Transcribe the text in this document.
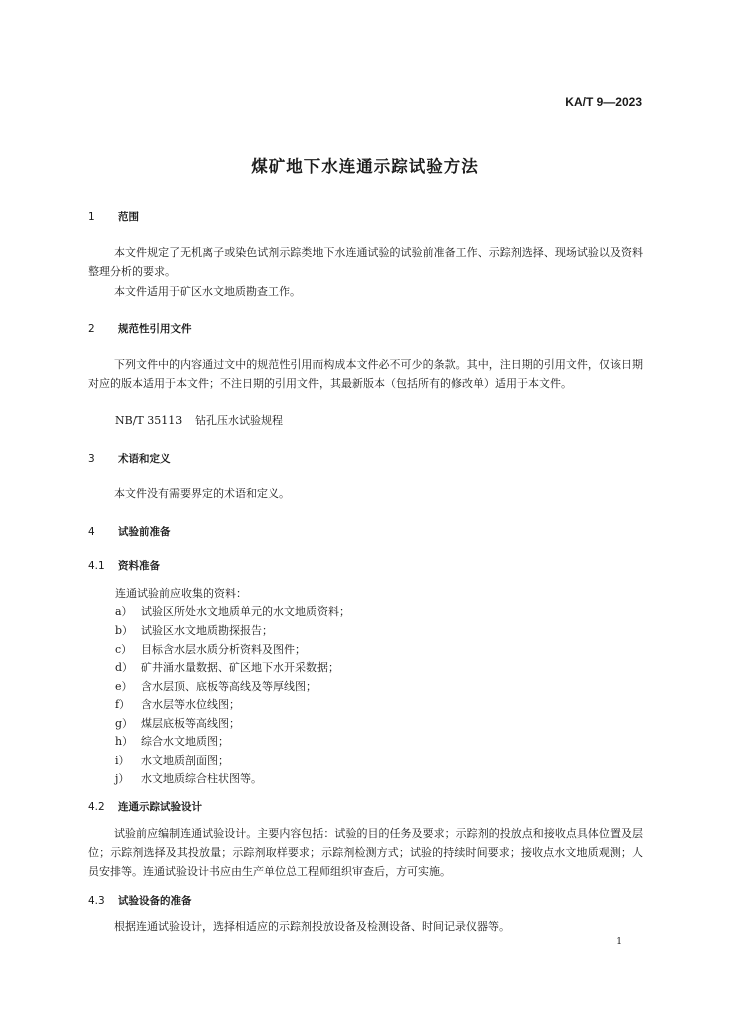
KA/T 9—2023
煤矿地下水连通示踪试验方法
1 范围

本文件规定了无机离子或染色试剂示踪类地下水连通试验的试验前准备工作、示踪剂选择、现场试验以及资料整理分析的要求。

本文件适用于矿区水文地质勘查工作。

2 规范性引用文件

下列文件中的内容通过文中的规范性引用而构成本文件必不可少的条款。其中，注日期的引用文件，仅该日期对应的版本适用于本文件；不注日期的引用文件，其最新版本（包括所有的修改单）适用于本文件。

NB/T 35113 钻孔压水试验规程
3 术语和定义

本文件没有需要界定的术语和定义。

4 试验前准备
4.1 资料准备
连通试验前应收集的资料：
a） 试验区所处水文地质单元的水文地质资料；
b） 试验区水文地质勘探报告；
c） 目标含水层水质分析资料及图件；
d） 矿井涌水量数据、矿区地下水开采数据；
e） 含水层顶、底板等高线及等厚线图；
f） 含水层等水位线图；
g） 煤层底板等高线图；
h） 综合水文地质图；
i） 水文地质剖面图；
j） 水文地质综合柱状图等。
4.2 连通示踪试验设计

试验前应编制连通试验设计。主要内容包括：试验的目的任务及要求；示踪剂的投放点和接收点具体位置及层位；示踪剂选择及其投放量；示踪剂取样要求；示踪剂检测方式；试验的持续时间要求；接收点水文地质观测；人员安排等。连通试验设计书应由生产单位总工程师组织审查后，方可实施。

4.3 试验设备的准备

根据连通试验设计，选择相适应的示踪剂投放设备及检测设备、时间记录仪器等。

1
